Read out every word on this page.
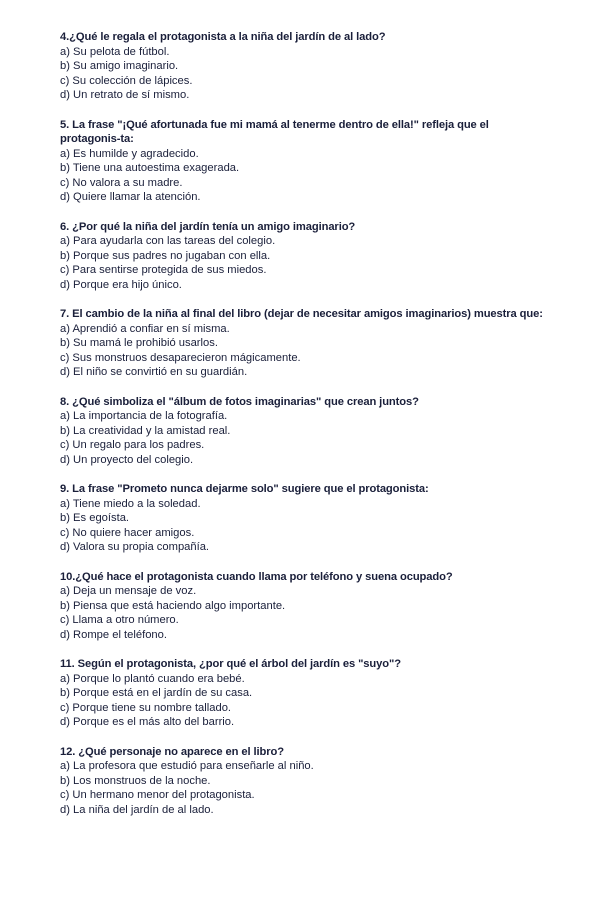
4.¿Qué le regala el protagonista a la niña del jardín de al lado?

a) Su pelota de fútbol.
b) Su amigo imaginario.
c) Su colección de lápices.
d) Un retrato de sí mismo.

5. La frase "¡Qué afortunada fue mi mamá al tenerme dentro de ella!" refleja que el protagonis-ta:

a) Es humilde y agradecido.
b) Tiene una autoestima exagerada.
c) No valora a su madre.
d) Quiere llamar la atención.

6. ¿Por qué la niña del jardín tenía un amigo imaginario?

a) Para ayudarla con las tareas del colegio.
b) Porque sus padres no jugaban con ella.
c) Para sentirse protegida de sus miedos.
d) Porque era hijo único.

7. El cambio de la niña al final del libro (dejar de necesitar amigos imaginarios) muestra que:

a) Aprendió a confiar en sí misma.
b) Su mamá le prohibió usarlos.
c) Sus monstruos desaparecieron mágicamente.
d) El niño se convirtió en su guardián.

8. ¿Qué simboliza el "álbum de fotos imaginarias" que crean juntos?

a) La importancia de la fotografía.
b) La creatividad y la amistad real.
c) Un regalo para los padres.
d) Un proyecto del colegio.

9. La frase "Prometo nunca dejarme solo" sugiere que el protagonista:

a) Tiene miedo a la soledad.
b) Es egoísta.
c) No quiere hacer amigos.
d) Valora su propia compañía.

10.¿Qué hace el protagonista cuando llama por teléfono y suena ocupado?

a) Deja un mensaje de voz.
b) Piensa que está haciendo algo importante.
c) Llama a otro número.
d) Rompe el teléfono.

11. Según el protagonista, ¿por qué el árbol del jardín es "suyo"?

a) Porque lo plantó cuando era bebé.
b) Porque está en el jardín de su casa.
c) Porque tiene su nombre tallado.
d) Porque es el más alto del barrio.

12. ¿Qué personaje no aparece en el libro?

a) La profesora que estudió para enseñarle al niño.
b) Los monstruos de la noche.
c) Un hermano menor del protagonista.
d) La niña del jardín de al lado.
